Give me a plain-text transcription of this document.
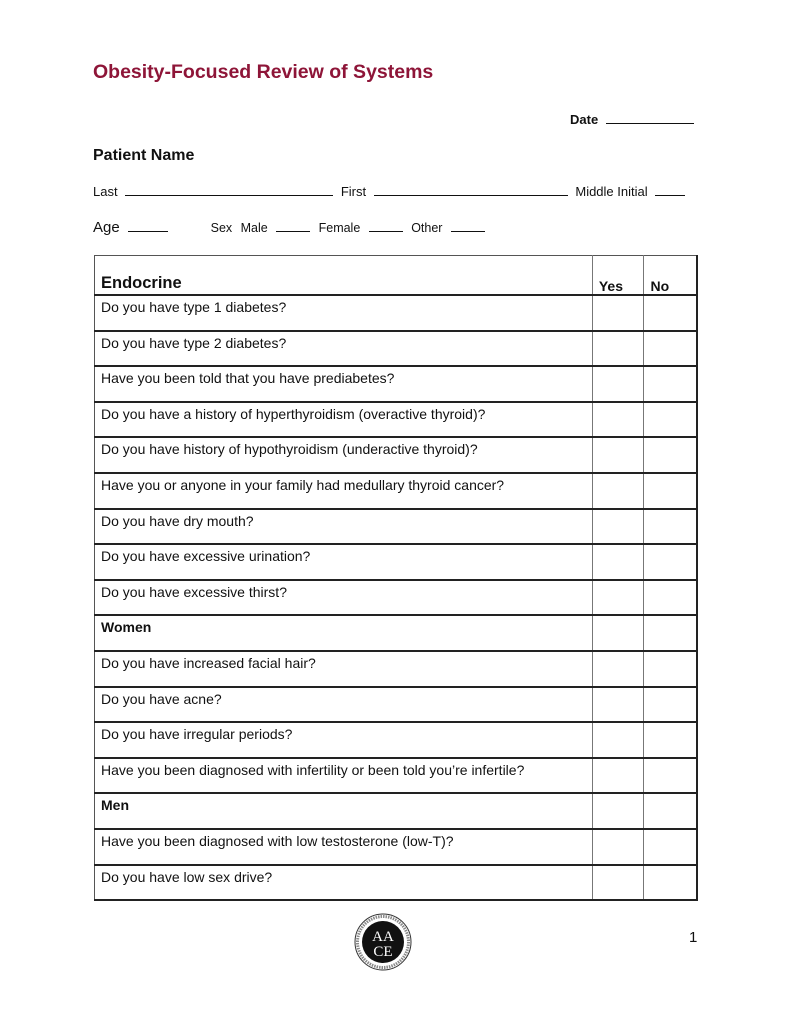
Obesity-Focused Review of Systems
Date
Patient Name
Last	First	Middle Initial
Age	Sex Male	Female	Other
Endocrine	Yes	No

Do you have type 1 diabetes?		

Do you have type 2 diabetes?		

Have you been told that you have prediabetes?		

Do you have a history of hyperthyroidism (overactive thyroid)?		

Do you have history of hypothyroidism (underactive thyroid)?		

Have you or anyone in your family had medullary thyroid cancer?		

Do you have dry mouth?		

Do you have excessive urination?		

Do you have excessive thirst?		

Women		

Do you have increased facial hair?		

Do you have acne?		

Do you have irregular periods?		

Have you been diagnosed with infertility or been told you’re infertile?		

Men		

Have you been diagnosed with low testosterone (low-T)?		

Do you have low sex drive?		

AA
CE
1
